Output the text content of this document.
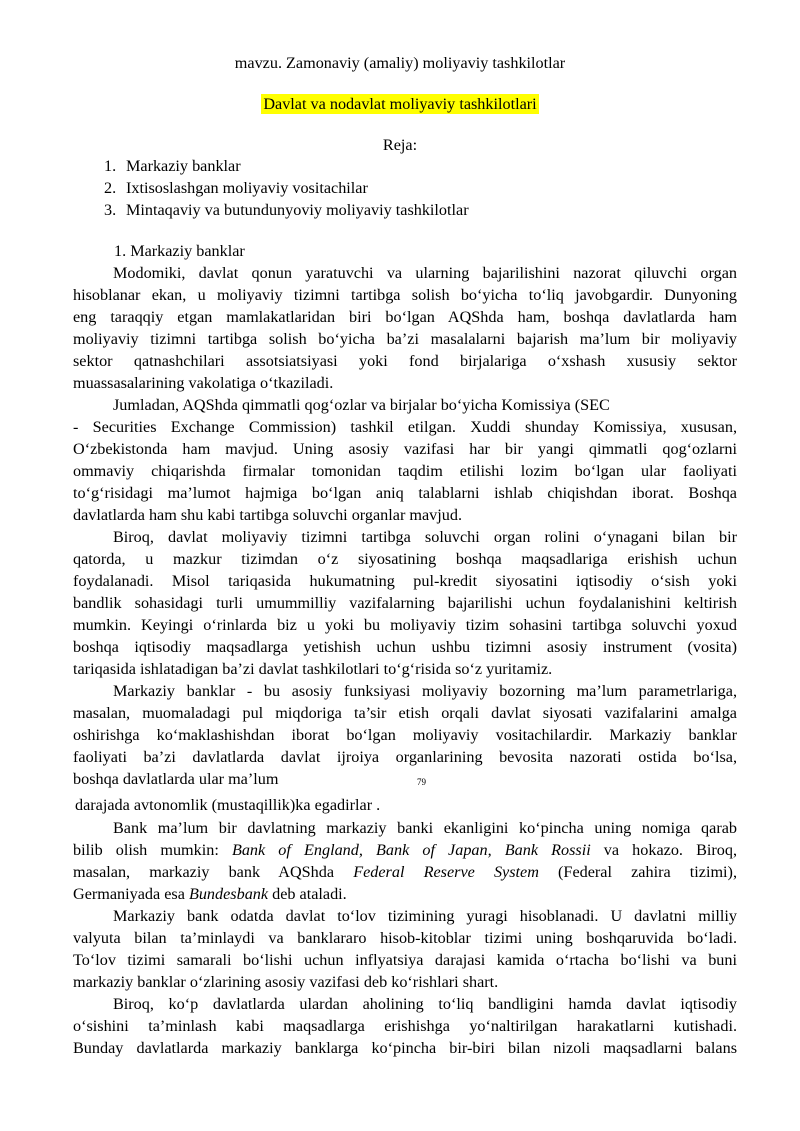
mavzu. Zamonaviy (amaliy) moliyaviy tashkilotlar
Davlat va nodavlat moliyaviy tashkilotlari
Reja:
1. Markaziy banklar
2. Ixtisoslashgan moliyaviy vositachilar
3. Mintaqaviy va butundunyoviy moliyaviy tashkilotlar
1. Markaziy banklar
Modomiki, davlat qonun yaratuvchi va ularning bajarilishini nazorat qiluvchi organ
hisoblanar ekan, u moliyaviy tizimni tartibga solish bo‘yicha to‘liq javobgardir. Dunyoning
eng taraqqiy etgan mamlakatlaridan biri bo‘lgan AQShda ham, boshqa davlatlarda ham
moliyaviy tizimni tartibga solish bo‘yicha ba’zi masalalarni bajarish ma’lum bir moliyaviy
sektor qatnashchilari assotsiatsiyasi yoki fond birjalariga o‘xshash xususiy sektor
muassasalarining vakolatiga o‘tkaziladi.
Jumladan, AQShda qimmatli qog‘ozlar va birjalar bo‘yicha Komissiya (SEC
- Securities Exchange Commission) tashkil etilgan. Xuddi shunday Komissiya, xususan,
O‘zbekistonda ham mavjud. Uning asosiy vazifasi har bir yangi qimmatli qog‘ozlarni
ommaviy chiqarishda firmalar tomonidan taqdim etilishi lozim bo‘lgan ular faoliyati
to‘g‘risidagi ma’lumot hajmiga bo‘lgan aniq talablarni ishlab chiqishdan iborat. Boshqa
davlatlarda ham shu kabi tartibga soluvchi organlar mavjud.
Biroq, davlat moliyaviy tizimni tartibga soluvchi organ rolini o‘ynagani bilan bir
qatorda, u mazkur tizimdan o‘z siyosatining boshqa maqsadlariga erishish uchun
foydalanadi. Misol tariqasida hukumatning pul-kredit siyosatini iqtisodiy o‘sish yoki
bandlik sohasidagi turli umummilliy vazifalarning bajarilishi uchun foydalanishini keltirish
mumkin. Keyingi o‘rinlarda biz u yoki bu moliyaviy tizim sohasini tartibga soluvchi yoxud
boshqa iqtisodiy maqsadlarga yetishish uchun ushbu tizimni asosiy instrument (vosita)
tariqasida ishlatadigan ba’zi davlat tashkilotlari to‘g‘risida so‘z yuritamiz.
Markaziy banklar - bu asosiy funksiyasi moliyaviy bozorning ma’lum parametrlariga,
masalan, muomaladagi pul miqdoriga ta’sir etish orqali davlat siyosati vazifalarini amalga
oshirishga ko‘maklashishdan iborat bo‘lgan moliyaviy vositachilardir. Markaziy banklar
faoliyati ba’zi davlatlarda davlat ijroiya organlarining bevosita nazorati ostida bo‘lsa,
boshqa davlatlarda ular ma’lum	79
darajada avtonomlik (mustaqillik)ka egadirlar .
Bank ma’lum bir davlatning markaziy banki ekanligini ko‘pincha uning nomiga qarab
bilib olish mumkin: Bank of England, Bank of Japan, Bank Rossii va hokazo. Biroq,
masalan, markaziy bank AQShda Federal Reserve System (Federal zahira tizimi),
Germaniyada esa Bundesbank deb ataladi.
Markaziy bank odatda davlat to‘lov tizimining yuragi hisoblanadi. U davlatni milliy
valyuta bilan ta’minlaydi va banklararo hisob-kitoblar tizimi uning boshqaruvida bo‘ladi.
To‘lov tizimi samarali bo‘lishi uchun inflyatsiya darajasi kamida o‘rtacha bo‘lishi va buni
markaziy banklar o‘zlarining asosiy vazifasi deb ko‘rishlari shart.
Biroq, ko‘p davlatlarda ulardan aholining to‘liq bandligini hamda davlat iqtisodiy
o‘sishini ta’minlash kabi maqsadlarga erishishga yo‘naltirilgan harakatlarni kutishadi.
Bunday davlatlarda markaziy banklarga ko‘pincha bir-biri bilan nizoli maqsadlarni balans
